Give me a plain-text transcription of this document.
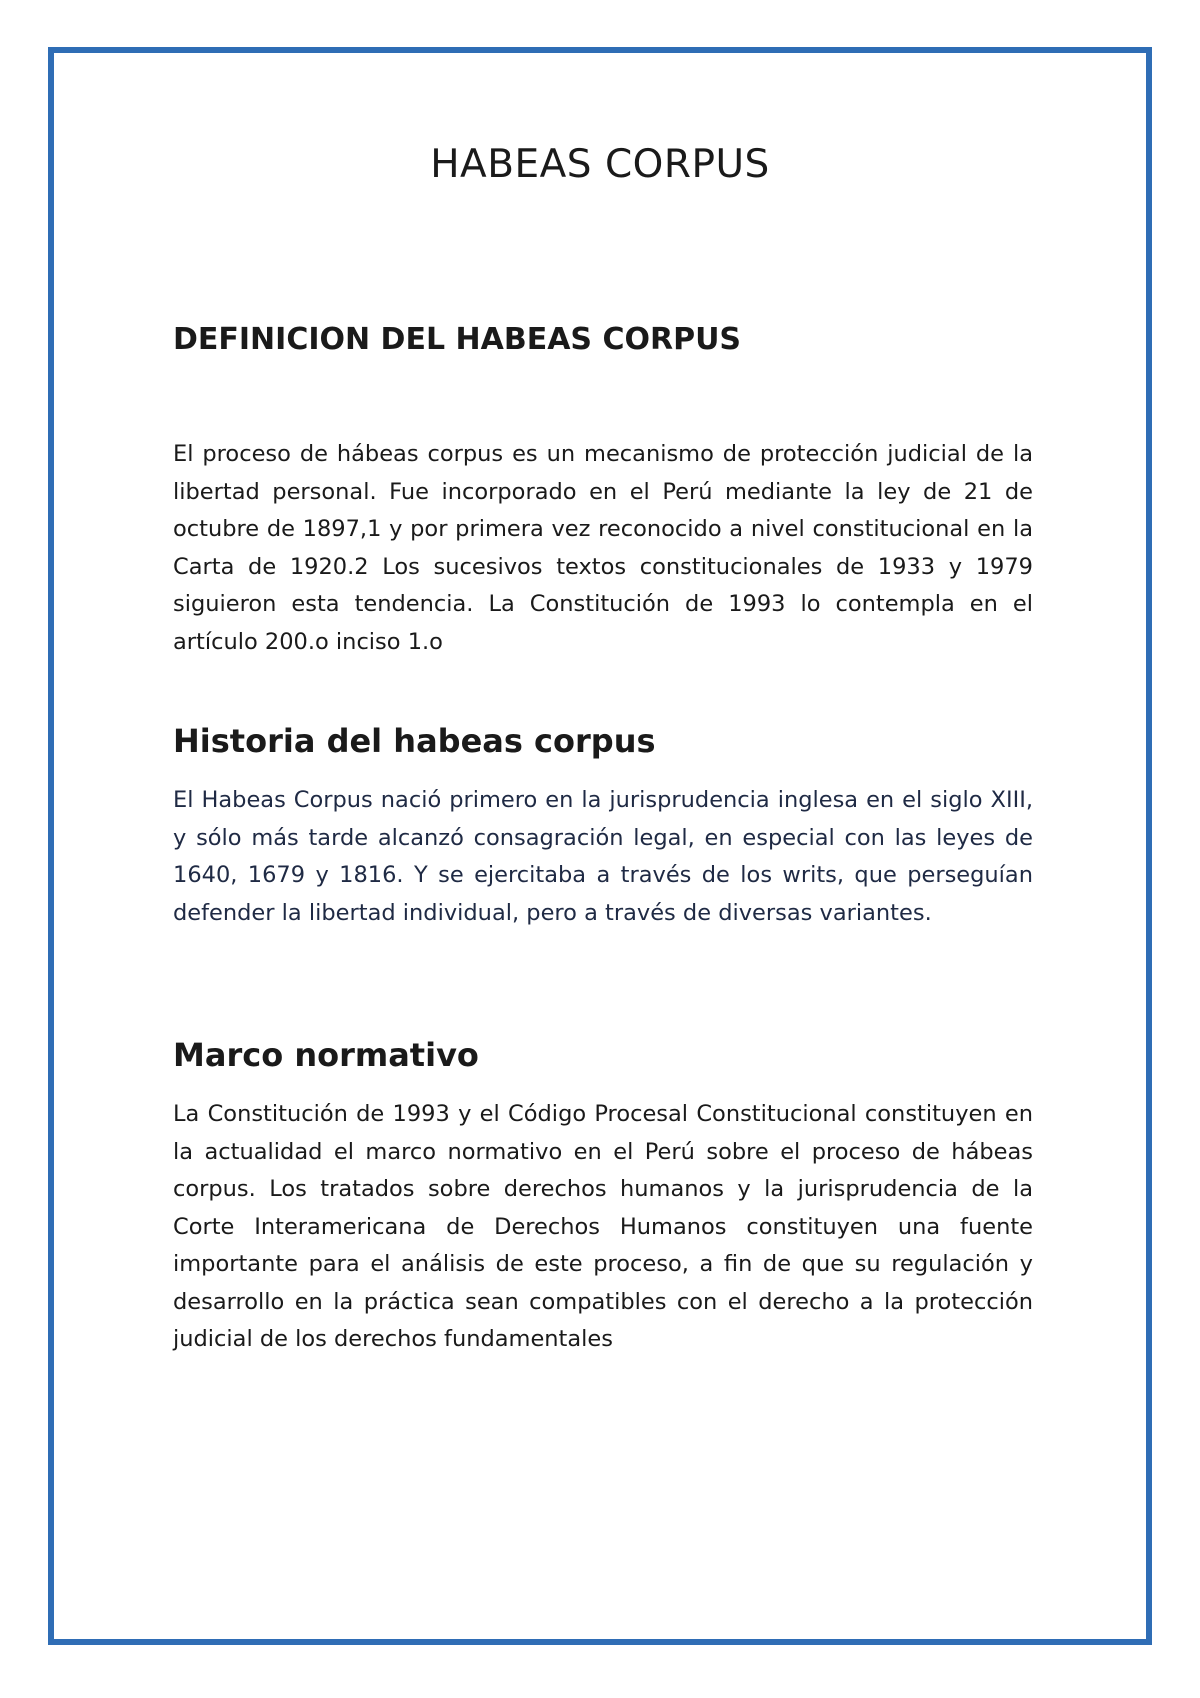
HABEAS CORPUS
DEFINICION DEL HABEAS CORPUS

El proceso de hábeas corpus es un mecanismo de protección judicial de la libertad personal. Fue incorporado en el Perú mediante la ley de 21 de octubre de 1897,1 y por primera vez reconocido a nivel constitucional en la Carta de 1920.2 Los sucesivos textos constitucionales de 1933 y 1979 siguieron esta tendencia. La Constitución de 1993 lo contempla en el artículo 200.o inciso 1.o

Historia del habeas corpus

El Habeas Corpus nació primero en la jurisprudencia inglesa en el siglo XIII, y sólo más tarde alcanzó consagración legal, en especial con las leyes de 1640, 1679 y 1816. Y se ejercitaba a través de los writs, que perseguían defender la libertad individual, pero a través de diversas variantes.

Marco normativo

La Constitución de 1993 y el Código Procesal Constitucional constituyen en la actualidad el marco normativo en el Perú sobre el proceso de hábeas corpus. Los tratados sobre derechos humanos y la jurisprudencia de la Corte Interamericana de Derechos Humanos constituyen una fuente importante para el análisis de este proceso, a fin de que su regulación y desarrollo en la práctica sean compatibles con el derecho a la protección judicial de los derechos fundamentales
